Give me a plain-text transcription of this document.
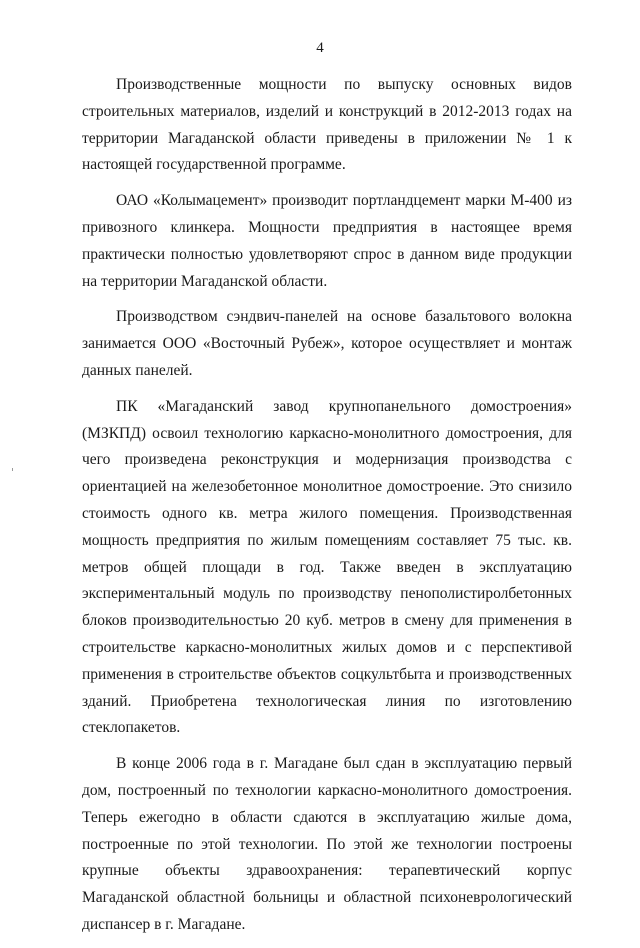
4

Производственные мощности по выпуску основных видов строительных материалов, изделий и конструкций в 2012-2013 годах на территории Магаданской области приведены в приложении № 1 к настоящей государственной программе.

ОАО «Колымацемент» производит портландцемент марки М-400 из привозного клинкера. Мощности предприятия в настоящее время практически полностью удовлетворяют спрос в данном виде продукции на территории Магаданской области.

Производством сэндвич-панелей на основе базальтового волокна занимается ООО «Восточный Рубеж», которое осуществляет и монтаж данных панелей.

ПК «Магаданский завод крупнопанельного домостроения» (МЗКПД) освоил технологию каркасно-монолитного домостроения, для чего произведена реконструкция и модернизация производства с ориентацией на железобетонное монолитное домостроение. Это снизило стоимость одного кв. метра жилого помещения. Производственная мощность предприятия по жилым помещениям составляет 75 тыс. кв. метров общей площади в год. Также введен в эксплуатацию экспериментальный модуль по производству пенополистиролбетонных блоков производительностью 20 куб. метров в смену для применения в строительстве каркасно-монолитных жилых домов и с перспективой применения в строительстве объектов соцкультбыта и производственных зданий. Приобретена технологическая линия по изготовлению стеклопакетов.

В конце 2006 года в г. Магадане был сдан в эксплуатацию первый дом, построенный по технологии каркасно-монолитного домостроения. Теперь ежегодно в области сдаются в эксплуатацию жилые дома, построенные по этой технологии. По этой же технологии построены крупные объекты здравоохранения: терапевтический корпус Магаданской областной больницы и областной психоневрологический диспансер в г. Магадане.
